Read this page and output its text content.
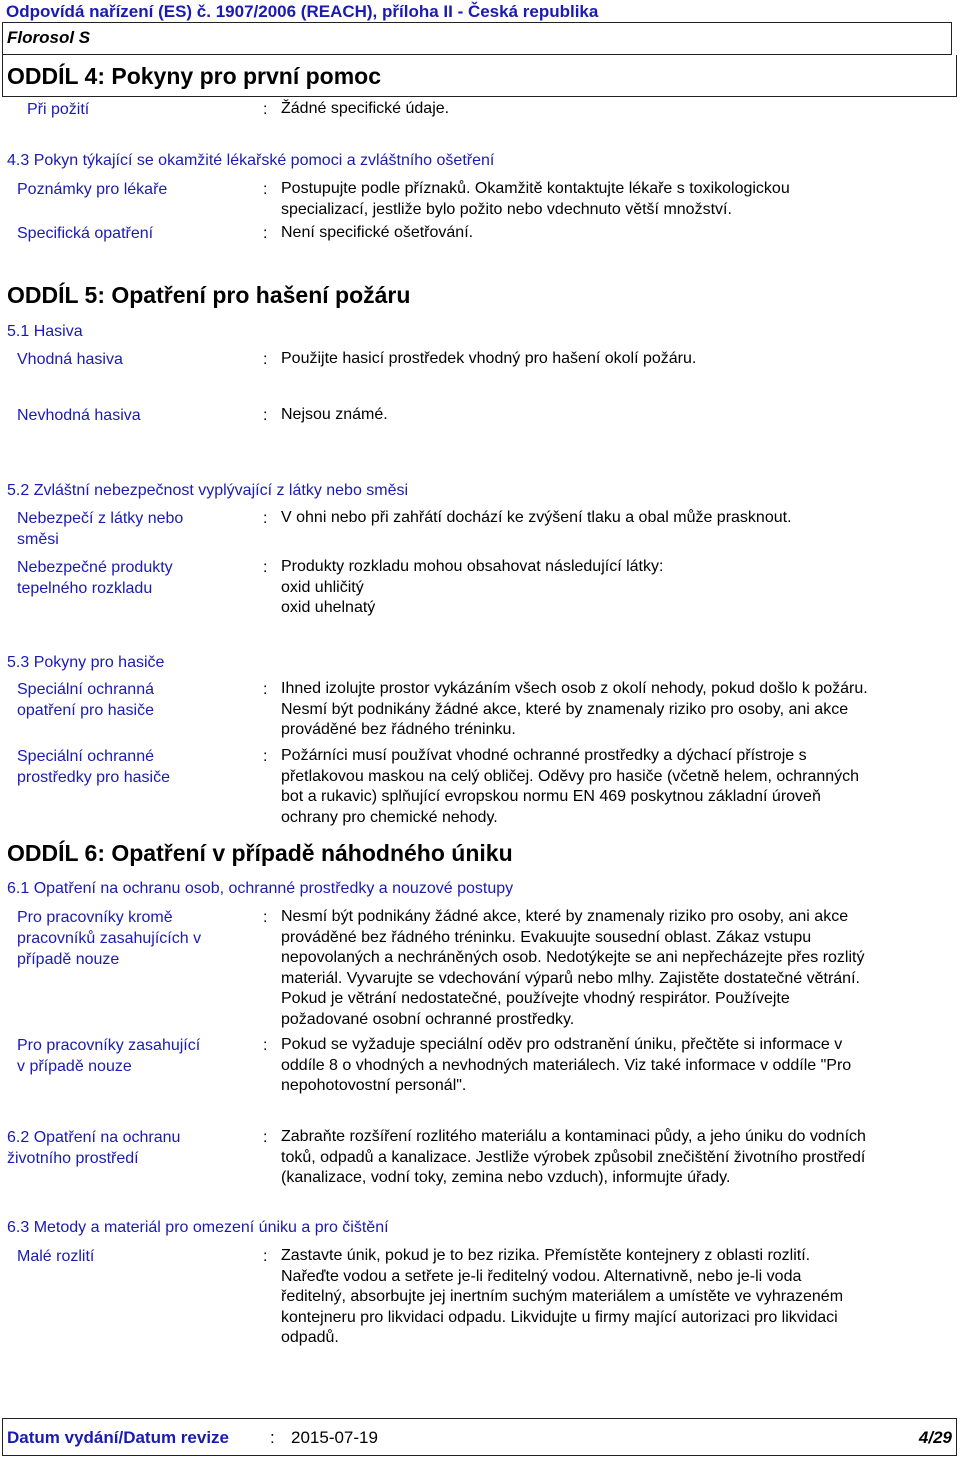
Odpovídá nařízení (ES) č. 1907/2006 (REACH), příloha II - Česká republika
Florosol S
ODDÍL 4: Pokyny pro první pomoc
Při požití	: Žádné specifické údaje.
4.3 Pokyn týkající se okamžité lékařské pomoci a zvláštního ošetření
Poznámky pro lékaře	: Postupujte podle příznaků. Okamžitě kontaktujte lékaře s toxikologickou
specializací, jestliže bylo požito nebo vdechnuto větší množství.
Specifická opatření	: Není specifické ošetřování.
ODDÍL 5: Opatření pro hašení požáru
5.1 Hasiva
Vhodná hasiva	: Použijte hasicí prostředek vhodný pro hašení okolí požáru.
Nevhodná hasiva	: Nejsou známé.
5.2 Zvláštní nebezpečnost vyplývající z látky nebo směsi
Nebezpečí z látky nebo
směsi
: V ohni nebo při zahřátí dochází ke zvýšení tlaku a obal může prasknout.
Nebezpečné produkty
tepelného rozkladu
: Produkty rozkladu mohou obsahovat následující látky:
oxid uhličitý
oxid uhelnatý
5.3 Pokyny pro hasiče
Speciální ochranná
opatření pro hasiče
: Ihned izolujte prostor vykázáním všech osob z okolí nehody, pokud došlo k požáru.
Nesmí být podnikány žádné akce, které by znamenaly riziko pro osoby, ani akce
prováděné bez řádného tréninku.
Speciální ochranné
prostředky pro hasiče
: Požárníci musí používat vhodné ochranné prostředky a dýchací přístroje s
přetlakovou maskou na celý obličej. Oděvy pro hasiče (včetně helem, ochranných
bot a rukavic) splňující evropskou normu EN 469 poskytnou základní úroveň
ochrany pro chemické nehody.
ODDÍL 6: Opatření v případě náhodného úniku
6.1 Opatření na ochranu osob, ochranné prostředky a nouzové postupy
Pro pracovníky kromě
pracovníků zasahujících v
případě nouze
: Nesmí být podnikány žádné akce, které by znamenaly riziko pro osoby, ani akce
prováděné bez řádného tréninku. Evakuujte sousední oblast. Zákaz vstupu
nepovolaných a nechráněných osob. Nedotýkejte se ani nepřecházejte přes rozlitý
materiál. Vyvarujte se vdechování výparů nebo mlhy. Zajistěte dostatečné větrání.
Pokud je větrání nedostatečné, používejte vhodný respirátor. Používejte
požadované osobní ochranné prostředky.
Pro pracovníky zasahující
v případě nouze
: Pokud se vyžaduje speciální oděv pro odstranění úniku, přečtěte si informace v
oddíle 8 o vhodných a nevhodných materiálech. Viz také informace v oddíle "Pro
nepohotovostní personál".
6.2 Opatření na ochranu
životního prostředí
: Zabraňte rozšíření rozlitého materiálu a kontaminaci půdy, a jeho úniku do vodních
toků, odpadů a kanalizace. Jestliže výrobek způsobil znečištění životního prostředí
(kanalizace, vodní toky, zemina nebo vzduch), informujte úřady.
6.3 Metody a materiál pro omezení úniku a pro čištění
Malé rozlití	: Zastavte únik, pokud je to bez rizika. Přemístěte kontejnery z oblasti rozlití.
Nařeďte vodou a setřete je-li ředitelný vodou. Alternativně, nebo je-li voda
ředitelný, absorbujte jej inertním suchým materiálem a umístěte ve vyhrazeném
kontejneru pro likvidaci odpadu. Likvidujte u firmy mající autorizaci pro likvidaci
odpadů.
Datum vydání/Datum revize : 2015-07-19	4/29
